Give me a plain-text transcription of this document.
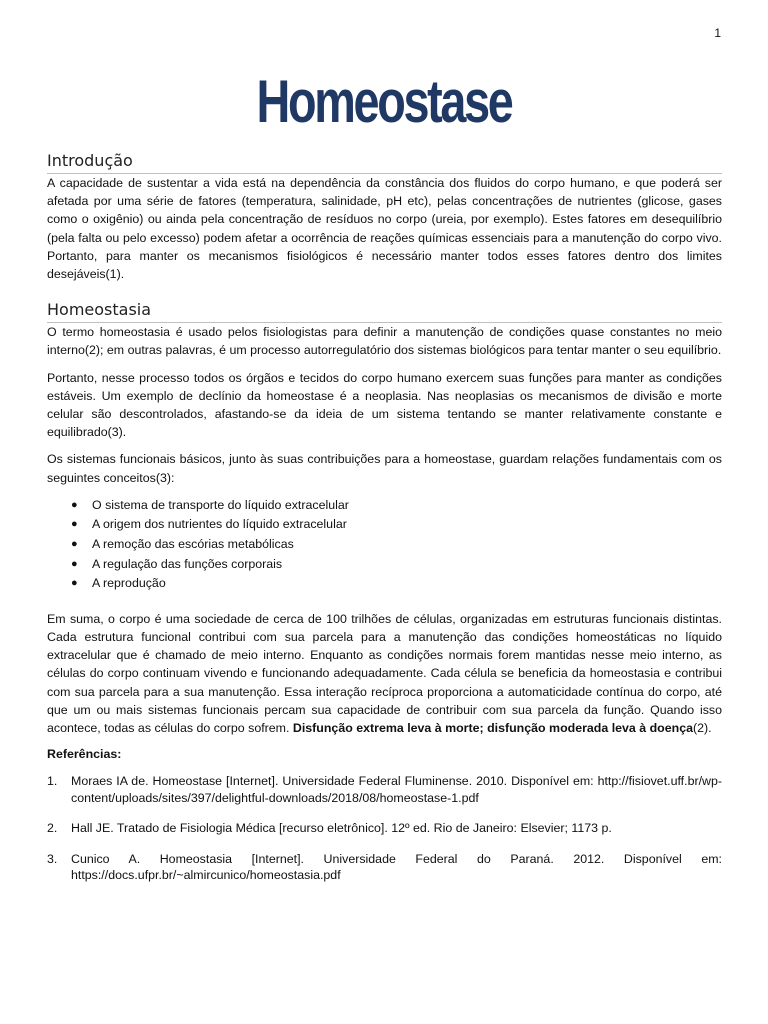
1
Homeostase
Introdução

A capacidade de sustentar a vida está na dependência da constância dos fluidos do corpo humano, e que poderá ser afetada por uma série de fatores (temperatura, salinidade, pH etc), pelas concentrações de nutrientes (glicose, gases como o oxigênio) ou ainda pela concentração de resíduos no corpo (ureia, por exemplo). Estes fatores em desequilíbrio (pela falta ou pelo excesso) podem afetar a ocorrência de reações químicas essenciais para a manutenção do corpo vivo. Portanto, para manter os mecanismos fisiológicos é necessário manter todos esses fatores dentro dos limites desejáveis(1).

Homeostasia

O termo homeostasia é usado pelos fisiologistas para definir a manutenção de condições quase constantes no meio interno(2); em outras palavras, é um processo autorregulatório dos sistemas biológicos para tentar manter o seu equilíbrio.

Portanto, nesse processo todos os órgãos e tecidos do corpo humano exercem suas funções para manter as condições estáveis. Um exemplo de declínio da homeostase é a neoplasia. Nas neoplasias os mecanismos de divisão e morte celular são descontrolados, afastando-se da ideia de um sistema tentando se manter relativamente constante e equilibrado(3).

Os sistemas funcionais básicos, junto às suas contribuições para a homeostase, guardam relações fundamentais com os seguintes conceitos(3):

● O sistema de transporte do líquido extracelular
● A origem dos nutrientes do líquido extracelular
● A remoção das escórias metabólicas
● A regulação das funções corporais
● A reprodução

Em suma, o corpo é uma sociedade de cerca de 100 trilhões de células, organizadas em estruturas funcionais distintas. Cada estrutura funcional contribui com sua parcela para a manutenção das condições homeostáticas no líquido extracelular que é chamado de meio interno. Enquanto as condições normais forem mantidas nesse meio interno, as células do corpo continuam vivendo e funcionando adequadamente. Cada célula se beneficia da homeostasia e contribui com sua parcela para a sua manutenção. Essa interação recíproca proporciona a automaticidade contínua do corpo, até que um ou mais sistemas funcionais percam sua capacidade de contribuir com sua parcela da função. Quando isso acontece, todas as células do corpo sofrem. Disfunção extrema leva à morte; disfunção moderada leva à doença(2).

Referências:
1. Moraes IA de. Homeostase [Internet]. Universidade Federal Fluminense. 2010. Disponível em: http://fisiovet.uff.br/wp-content/uploads/sites/397/delightful-downloads/2018/08/homeostase-1.pdf
2. Hall JE. Tratado de Fisiologia Médica [recurso eletrônico]. 12º ed. Rio de Janeiro: Elsevier; 1173 p.
3. Cunico A. Homeostasia [Internet]. Universidade Federal do Paraná. 2012. Disponível em: https://docs.ufpr.br/~almircunico/homeostasia.pdf
